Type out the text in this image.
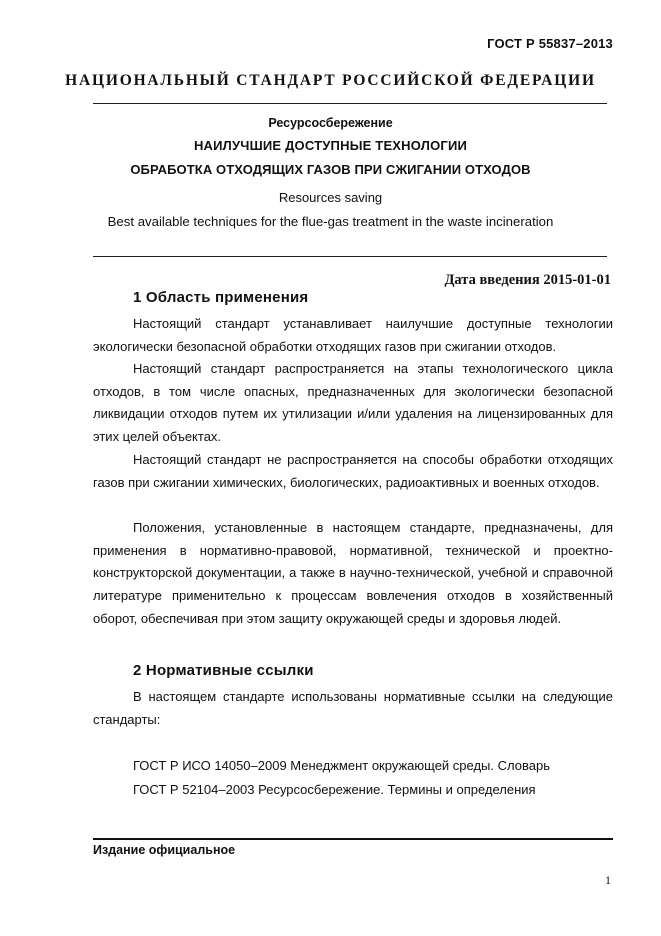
ГОСТ Р 55837–2013
НАЦИОНАЛЬНЫЙ СТАНДАРТ РОССИЙСКОЙ ФЕДЕРАЦИИ
Ресурсосбережение
НАИЛУЧШИЕ ДОСТУПНЫЕ ТЕХНОЛОГИИ
ОБРАБОТКА ОТХОДЯЩИХ ГАЗОВ ПРИ СЖИГАНИИ ОТХОДОВ
Resources saving
Best available techniques for the flue-gas treatment in the waste incineration
Дата введения 2015-01-01
1 Область применения
Настоящий стандарт устанавливает наилучшие доступные технологии экологически безопасной обработки отходящих газов при сжигании отходов.
Настоящий стандарт распространяется на этапы технологического цикла отходов, в том числе опасных, предназначенных для экологически безопасной ликвидации отходов путем их утилизации и/или удаления на лицензированных для этих целей объектах.
Настоящий стандарт не распространяется на способы обработки отходящих газов при сжигании химических, биологических, радиоактивных и военных отходов.
Положения, установленные в настоящем стандарте, предназначены, для применения в нормативно-правовой, нормативной, технической и проектно-конструкторской документации, а также в научно-технической, учебной и справочной литературе применительно к процессам вовлечения отходов в хозяйственный оборот, обеспечивая при этом защиту окружающей среды и здоровья людей.
2 Нормативные ссылки
В настоящем стандарте использованы нормативные ссылки на следующие стандарты:
ГОСТ Р ИСО 14050–2009 Менеджмент окружающей среды. Словарь
ГОСТ Р 52104–2003 Ресурсосбережение. Термины и определения
Издание официальное
1
